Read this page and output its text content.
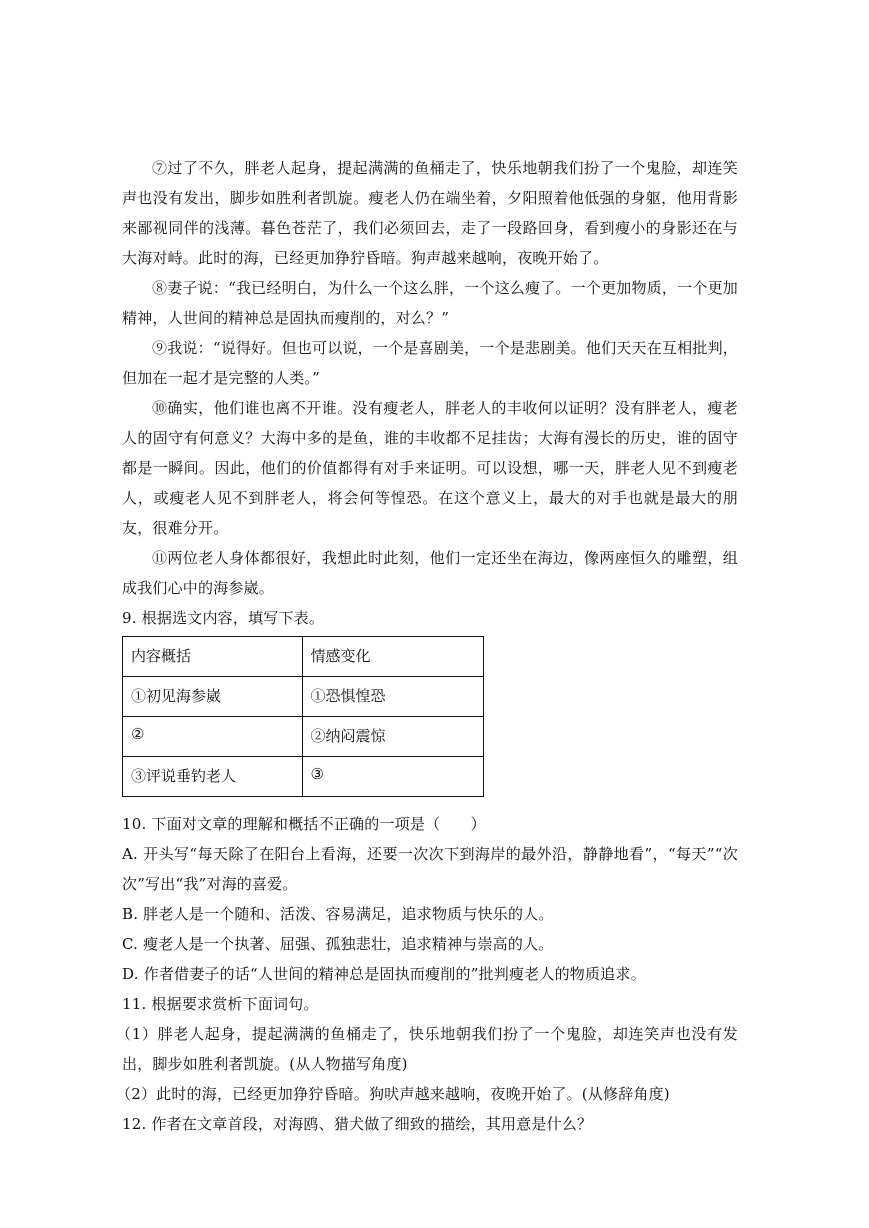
⑦过了不久，胖老人起身，提起满满的鱼桶走了，快乐地朝我们扮了一个鬼脸，却连笑声也没有发出，脚步如胜利者凯旋。瘦老人仍在端坐着，夕阳照着他低强的身躯，他用背影来鄙视同伴的浅薄。暮色苍茫了，我们必须回去，走了一段路回身，看到瘦小的身影还在与大海对峙。此时的海，已经更加狰狞昏暗。狗声越来越响，夜晚开始了。

⑧妻子说：“我已经明白，为什么一个这么胖，一个这么瘦了。一个更加物质，一个更加精神，人世间的精神总是固执而瘦削的，对么？”

⑨我说：“说得好。但也可以说，一个是喜剧美，一个是悲剧美。他们天天在互相批判，但加在一起才是完整的人类。”

⑩确实，他们谁也离不开谁。没有瘦老人，胖老人的丰收何以证明？没有胖老人，瘦老人的固守有何意义？大海中多的是鱼，谁的丰收都不足挂齿；大海有漫长的历史，谁的固守都是一瞬间。因此，他们的价值都得有对手来证明。可以设想，哪一天，胖老人见不到瘦老人，或瘦老人见不到胖老人，将会何等惶恐。在这个意义上，最大的对手也就是最大的朋友，很难分开。

⑪两位老人身体都很好，我想此时此刻，他们一定还坐在海边，像两座恒久的雕塑，组成我们心中的海参崴。

9. 根据选文内容，填写下表。

内容概括	情感变化
①初见海参崴	①恐惧惶恐
②	②纳闷震惊
③评说垂钓老人	③

10. 下面对文章的理解和概括不正确的一项是（　　）

A. 开头写“每天除了在阳台上看海，还要一次次下到海岸的最外沿，静静地看”，“每天”“次次”写出“我”对海的喜爱。

B. 胖老人是一个随和、活泼、容易满足，追求物质与快乐的人。

C. 瘦老人是一个执著、屈强、孤独悲壮，追求精神与崇高的人。

D. 作者借妻子的话“人世间的精神总是固执而瘦削的”批判瘦老人的物质追求。

11. 根据要求赏析下面词句。

（1）胖老人起身，提起满满的鱼桶走了，快乐地朝我们扮了一个鬼脸，却连笑声也没有发出，脚步如胜利者凯旋。(从人物描写角度)

（2）此时的海，已经更加狰狞昏暗。狗吠声越来越响，夜晚开始了。(从修辞角度)

12. 作者在文章首段，对海鸥、猎犬做了细致的描绘，其用意是什么？
